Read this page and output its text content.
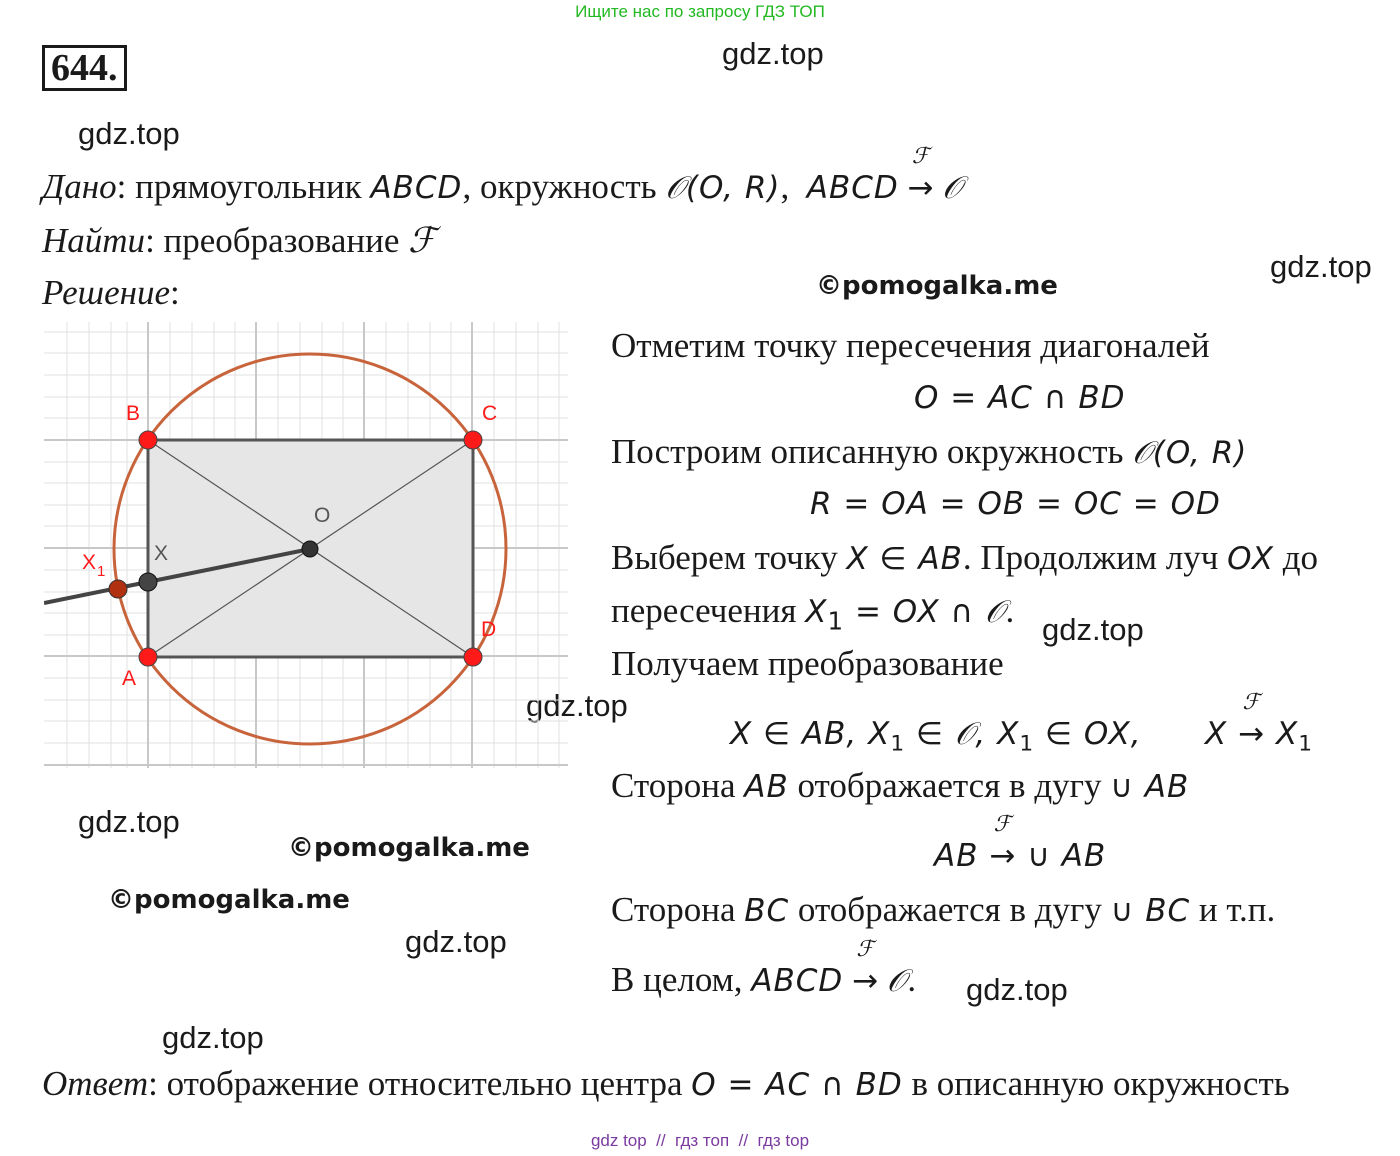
Ищите нас по запросу ГДЗ ТОП
644.	gdz.top
gdz.top
gdz.top
gdz.top
gdz.top
gdz.top
gdz.top
gdz.top
gdz.top
©pomogalka.me
©pomogalka.me
©pomogalka.me
Дано: прямоугольник ABCD, окружность 𝒪(O, R), ABCD
ℱ
→ 𝒪
Найти: преобразование ℱ
Решение:
B	C
A
D
O
X
X 1
Отметим точку пересечения диагоналей
O = AC ∩ BD
Построим описанную окружность 𝒪(O, R)
R = OA = OB = OC = OD
Выберем точку X ∈ AB. Продолжим луч OX до
пересечения $X_1$ = OX ∩ 𝒪.
Получаем преобразование
X ∈ AB, $X_1$ ∈ 𝒪, $X_1$ ∈ OX, X
ℱ
→ $X_1$
Сторона AB отображается в дугу ∪ AB
AB
ℱ
→ ∪ AB
Сторона BC отображается в дугу ∪ BC и т.п.
В целом, ABCD
ℱ
→ 𝒪.
Ответ: отображение относительно центра O = AC ∩ BD в описанную окружность
gdz top  //  гдз топ  //  гдз top
